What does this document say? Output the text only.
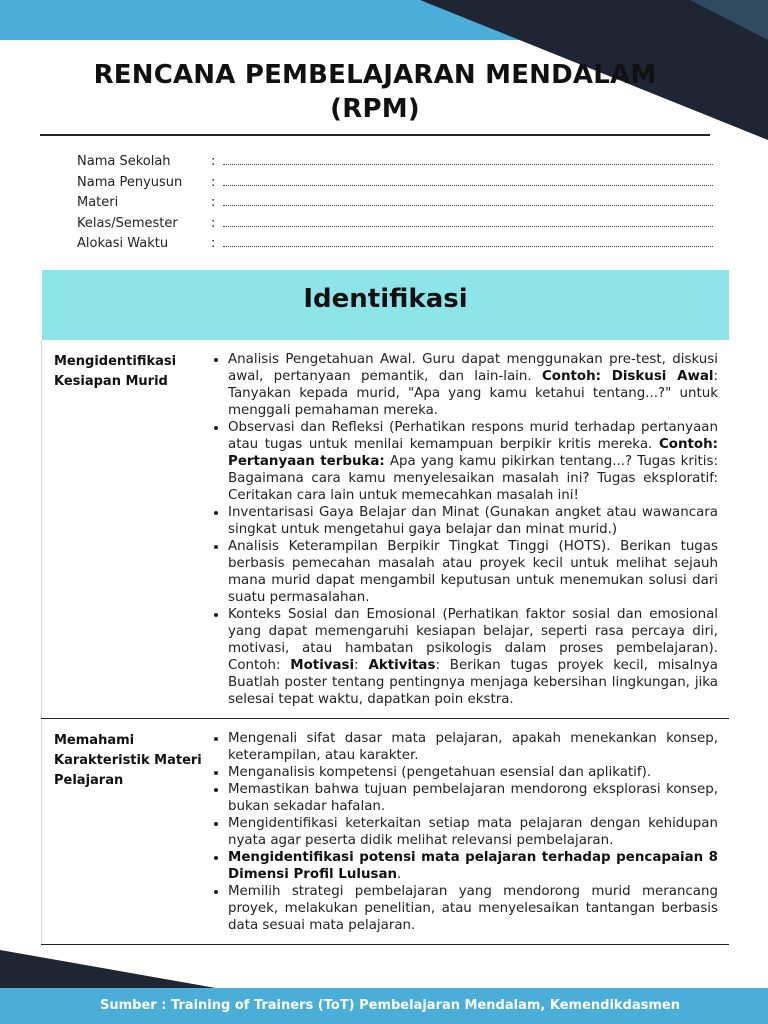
RENCANA PEMBELAJARAN MENDALAM
(RPM)
Nama Sekolah	:
Nama Penyusun	:
Materi	:
Kelas/Semester	:
Alokasi Waktu	:
Identifikasi
Mengidentifikasi Kesiapan Murid
• Analisis Pengetahuan Awal. Guru dapat menggunakan pre-test, diskusi awal, pertanyaan pemantik, dan lain-lain. Contoh: Diskusi Awal: Tanyakan kepada murid, "Apa yang kamu ketahui tentang...?" untuk menggali pemahaman mereka.
• Observasi dan Refleksi (Perhatikan respons murid terhadap pertanyaan atau tugas untuk menilai kemampuan berpikir kritis mereka. Contoh: Pertanyaan terbuka: Apa yang kamu pikirkan tentang...? Tugas kritis: Bagaimana cara kamu menyelesaikan masalah ini? Tugas eksploratif: Ceritakan cara lain untuk memecahkan masalah ini!
• Inventarisasi Gaya Belajar dan Minat (Gunakan angket atau wawancara singkat untuk mengetahui gaya belajar dan minat murid.)
• Analisis Keterampilan Berpikir Tingkat Tinggi (HOTS). Berikan tugas berbasis pemecahan masalah atau proyek kecil untuk melihat sejauh mana murid dapat mengambil keputusan untuk menemukan solusi dari suatu permasalahan.
• Konteks Sosial dan Emosional (Perhatikan faktor sosial dan emosional yang dapat memengaruhi kesiapan belajar, seperti rasa percaya diri, motivasi, atau hambatan psikologis dalam proses pembelajaran). Contoh: Motivasi: Aktivitas: Berikan tugas proyek kecil, misalnya Buatlah poster tentang pentingnya menjaga kebersihan lingkungan, jika selesai tepat waktu, dapatkan poin ekstra.
Memahami Karakteristik Materi Pelajaran
• Mengenali sifat dasar mata pelajaran, apakah menekankan konsep, keterampilan, atau karakter.
• Menganalisis kompetensi (pengetahuan esensial dan aplikatif).
• Memastikan bahwa tujuan pembelajaran mendorong eksplorasi konsep, bukan sekadar hafalan.
• Mengidentifikasi keterkaitan setiap mata pelajaran dengan kehidupan nyata agar peserta didik melihat relevansi pembelajaran.
• Mengidentifikasi potensi mata pelajaran terhadap pencapaian 8 Dimensi Profil Lulusan.
• Memilih strategi pembelajaran yang mendorong murid merancang proyek, melakukan penelitian, atau menyelesaikan tantangan berbasis data sesuai mata pelajaran.
Sumber : Training of Trainers (ToT) Pembelajaran Mendalam, Kemendikdasmen
